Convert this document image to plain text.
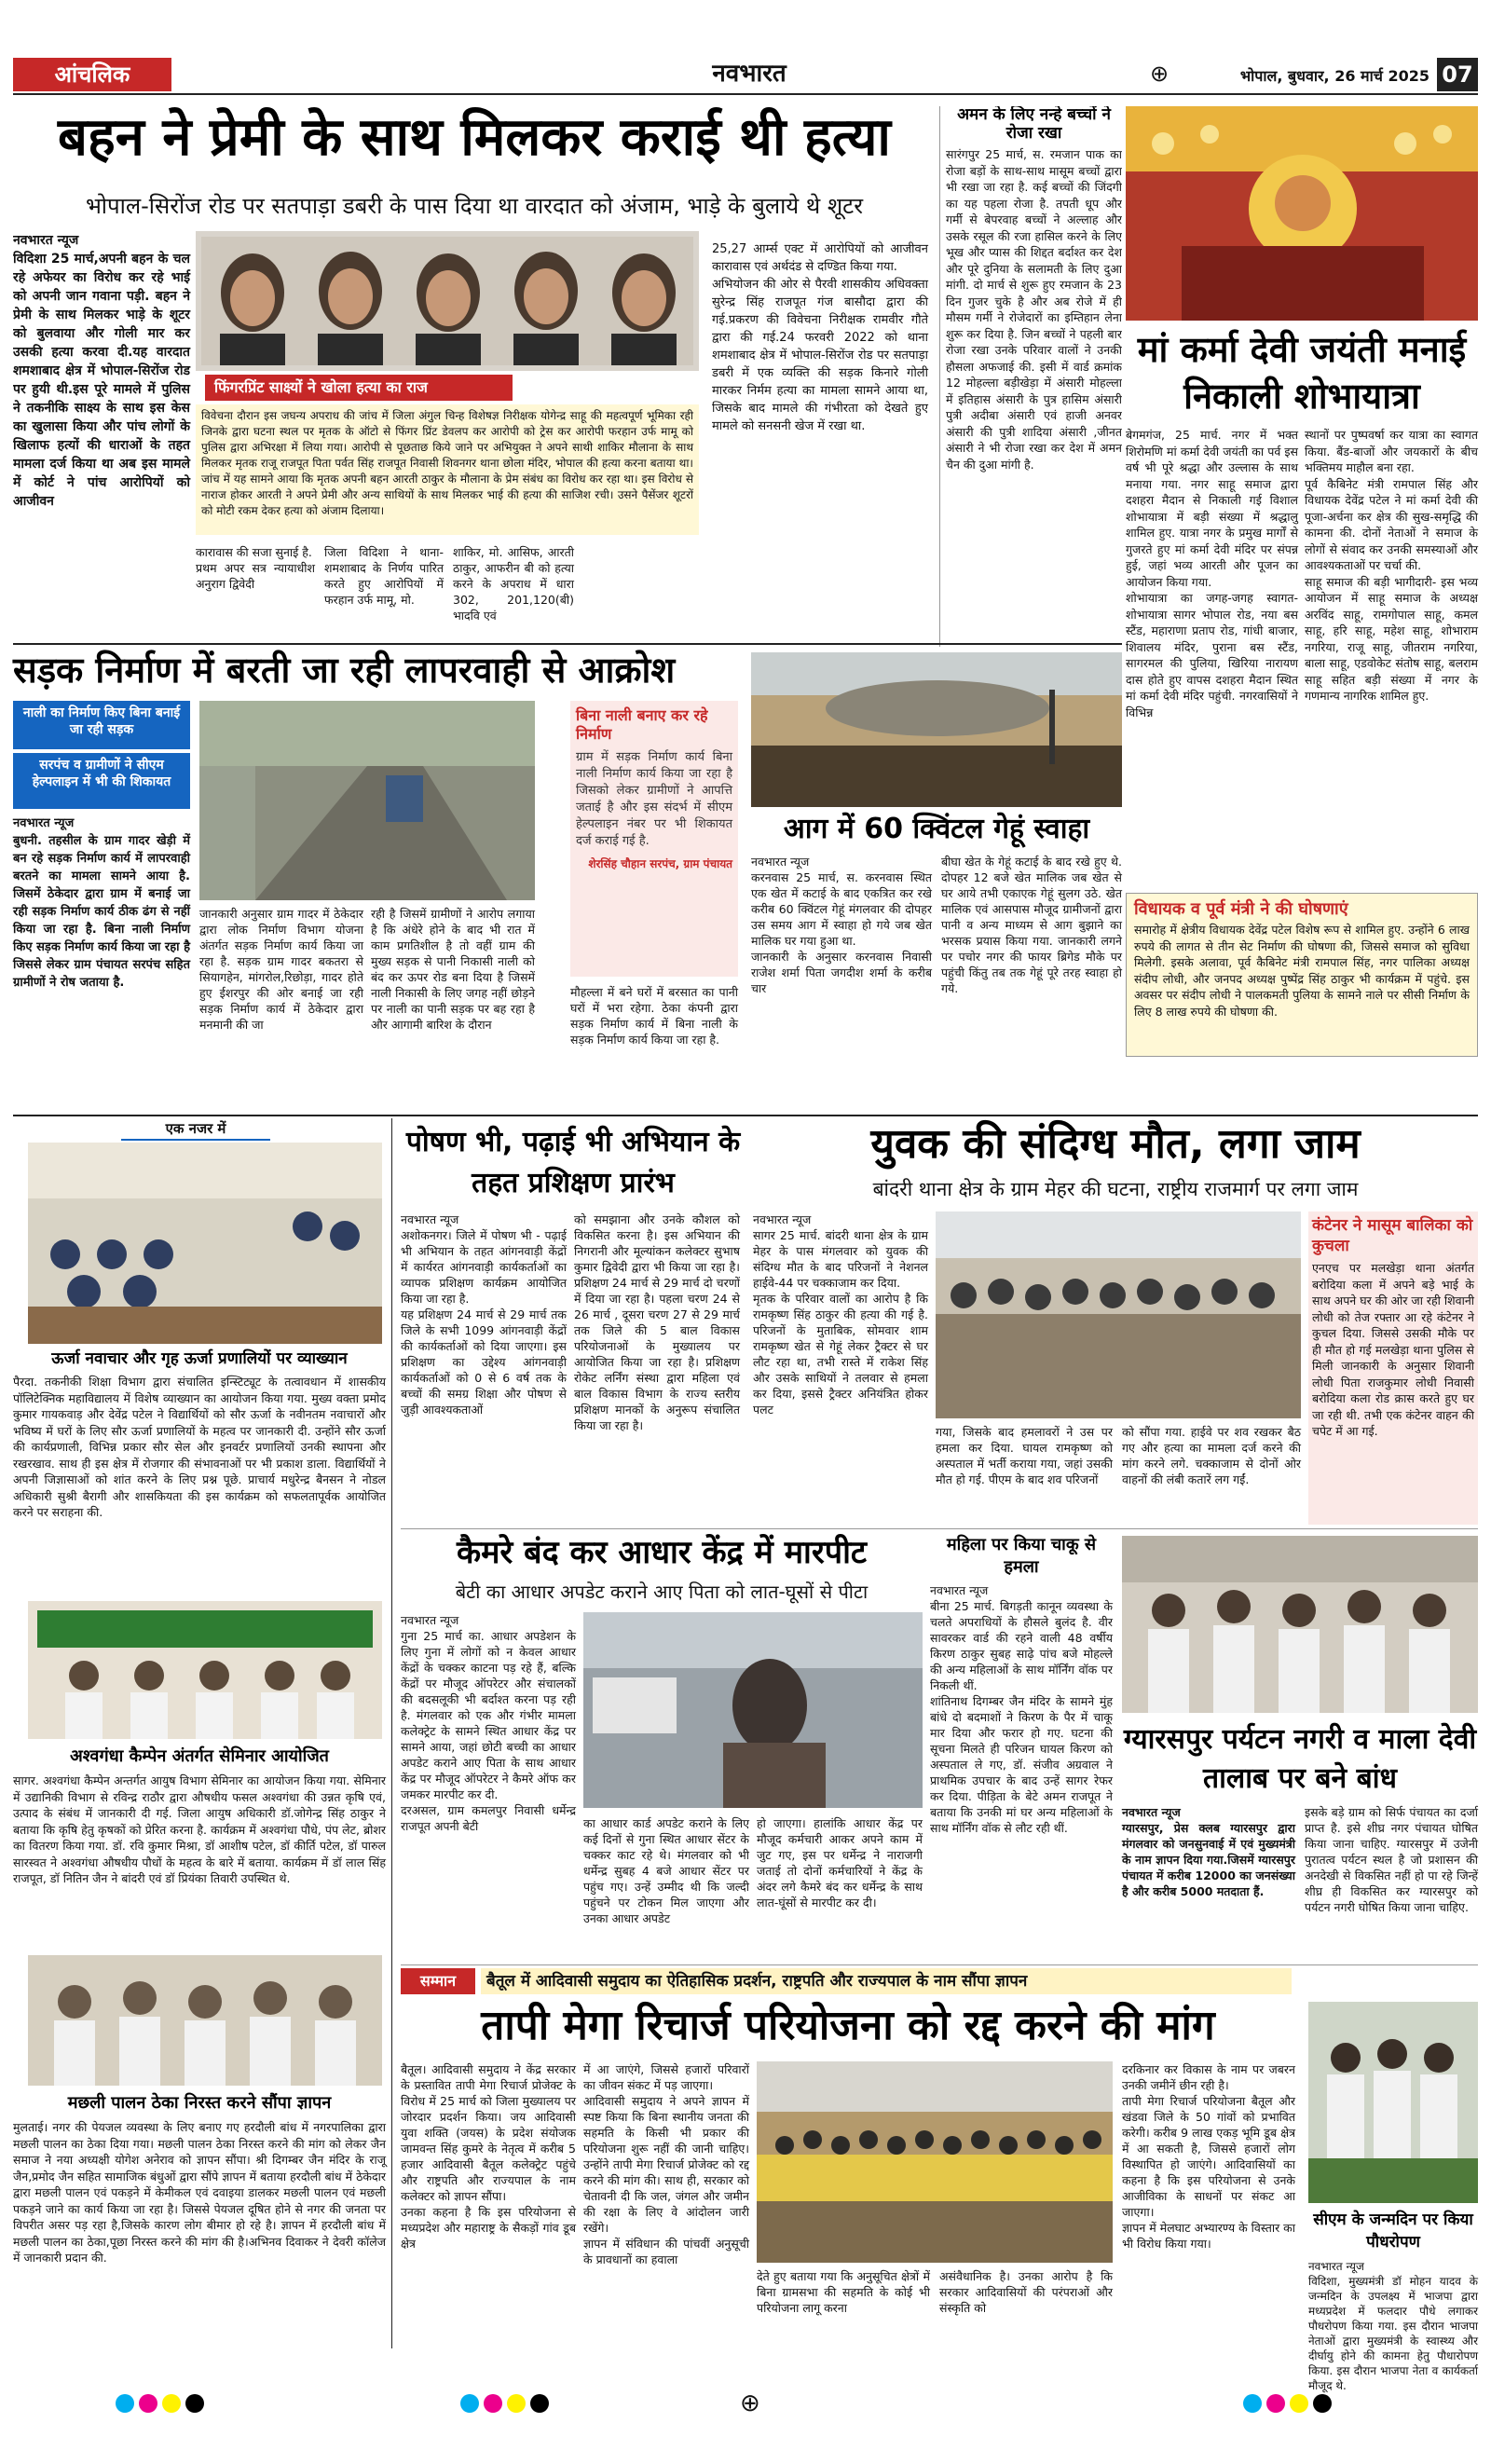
आंचलिक	नवभारत	⊕	भोपाल, बुधवार, 26 मार्च 2025 07
बहन ने प्रेमी के साथ मिलकर कराई थी हत्या
भोपाल-सिरोंज रोड पर सतपाड़ा डबरी के पास दिया था वारदात को अंजाम, भाड़े के बुलाये थे शूटर
नवभारत न्यूज
विदिशा 25 मार्च,अपनी बहन के चल रहे अफेयर का विरोध कर रहे भाई को अपनी जान गवाना पड़ी. बहन ने प्रेमी के साथ मिलकर भाड़े के शूटर को बुलवाया और गोली मार कर उसकी हत्या करवा दी.यह वारदात शमशाबाद क्षेत्र में भोपाल-सिरोंज रोड पर हुयी थी.इस पूरे मामले में पुलिस ने तकनीकि साक्ष्य के साथ इस केस का खुलासा किया और पांच लोगों के खिलाफ हत्यों की धाराओं के तहत मामला दर्ज किया था अब इस मामले में कोर्ट ने पांच आरोपियों को आजीवन
फिंगरप्रिंट साक्ष्यों ने खोला हत्या का राज
विवेचना दौरान इस जघन्य अपराध की जांच में जिला अंगुल चिन्ह विशेषज्ञ निरीक्षक योगेन्द्र साहू की महत्वपूर्ण भूमिका रही जिनके द्वारा घटना स्थल पर मृतक के ऑटो से फिंगर प्रिंट डेवलप कर आरोपी को ट्रेस कर आरोपी फरहान उर्फ मामू को पुलिस द्वारा अभिरक्षा में लिया गया। आरोपी से पूछताछ किये जाने पर अभियुक्त ने अपने साथी शाकिर मौलाना के साथ मिलकर मृतक राजू राजपूत पिता पर्वत सिंह राजपूत निवासी शिवनगर थाना छोला मंदिर, भोपाल की हत्या करना बताया था। जांच में यह सामने आया कि मृतक अपनी बहन आरती ठाकुर के मौलाना के प्रेम संबंध का विरोध कर रहा था। इस विरोध से नाराज होकर आरती ने अपने प्रेमी और अन्य साथियों के साथ मिलकर भाई की हत्या की साजिश रची। उसने पैसेंजर शूटरों को मोटी रकम देकर हत्या को अंजाम दिलाया।
कारावास की सजा सुनाई है.
प्रथम अपर सत्र न्यायाधीश अनुराग द्विवेदी
जिला विदिशा ने थाना-शमशाबाद के निर्णय पारित करते हुए आरोपियों में फरहान उर्फ मामू, मो.
शाकिर, मो. आसिफ, आरती ठाकुर, आफरीन बी को हत्या करने के अपराध में धारा 302, 201,120(बी) भादवि एवं
25,27 आर्म्स एक्ट में आरोपियों को आजीवन कारावास एवं अर्थदंड से दण्डित किया गया.
अभियोजन की ओर से पैरवी शासकीय अधिवक्ता सुरेन्द्र सिंह राजपूत गंज बासौदा द्वारा की गई.प्रकरण की विवेचना निरीक्षक रामवीर गौते द्वारा की गई.24 फरवरी 2022 को थाना शमशाबाद क्षेत्र में भोपाल-सिरोंज रोड पर सतपाड़ा डबरी में एक व्यक्ति की सड़क किनारे गोली मारकर निर्मम हत्या का मामला सामने आया था, जिसके बाद मामले की गंभीरता को देखते हुए मामले को सनसनी खेज में रखा था.
अमन के लिए नन्हे बच्चों ने रोजा रखा
सारंगपुर 25 मार्च, स. रमजान पाक का रोजा बड़ों के साथ-साथ मासूम बच्चों द्वारा भी रखा जा रहा है. कई बच्चों की जिंदगी का यह पहला रोजा है. तपती धूप और गर्मी से बेपरवाह बच्चों ने अल्लाह और उसके रसूल की रजा हासिल करने के लिए भूख और प्यास की शिद्दत बर्दाश्त कर देश और पूरे दुनिया के सलामती के लिए दुआ मांगी. दो मार्च से शुरू हुए रमजान के 23 दिन गुजर चुके है और अब रोजे में ही मौसम गर्मी ने रोजेदारों का इम्तिहान लेना शुरू कर दिया है. जिन बच्चों ने पहली बार रोजा रखा उनके परिवार वालों ने उनकी हौसला अफजाई की. इसी में वार्ड क्रमांक 12 मोहल्ला बड़ीखेड़ा में अंसारी मोहल्ला में इतिहास अंसारी के पुत्र हासिम अंसारी पुत्री अदीबा अंसारी एवं हाजी अनवर अंसारी की पुत्री शादिया अंसारी ,जीनत अंसारी ने भी रोजा रखा कर देश में अमन चैन की दुआ मांगी है.
मां कर्मा देवी जयंती मनाई निकाली शोभायात्रा
बेगमगंज, 25 मार्च. नगर में भक्त शिरोमणि मां कर्मा देवी जयंती का पर्व इस वर्ष भी पूरे श्रद्धा और उल्लास के साथ मनाया गया. नगर साहू समाज द्वारा दशहरा मैदान से निकाली गई विशाल शोभायात्रा में बड़ी संख्या में श्रद्धालु शामिल हुए. यात्रा नगर के प्रमुख मार्गों से गुजरते हुए मां कर्मा देवी मंदिर पर संपन्न हुई, जहां भव्य आरती और पूजन का आयोजन किया गया.
शोभायात्रा का जगह-जगह स्वागत- शोभायात्रा सागर भोपाल रोड, नया बस स्टैंड, महाराणा प्रताप रोड, गांधी बाजार, शिवालय मंदिर, पुराना बस स्टैंड, सागरमल की पुलिया, खिरिया नारायण दास होते हुए वापस दशहरा मैदान स्थित मां कर्मा देवी मंदिर पहुंची. नगरवासियों ने विभिन्न
स्थानों पर पुष्पवर्षा कर यात्रा का स्वागत किया. बैंड-बाजों और जयकारों के बीच भक्तिमय माहौल बना रहा.
पूर्व कैबिनेट मंत्री रामपाल सिंह और विधायक देवेंद्र पटेल ने मां कर्मा देवी की पूजा-अर्चना कर क्षेत्र की सुख-समृद्धि की कामना की. दोनों नेताओं ने समाज के लोगों से संवाद कर उनकी समस्याओं और आवश्यकताओं पर चर्चा की.
साहू समाज की बड़ी भागीदारी- इस भव्य आयोजन में साहू समाज के अध्यक्ष अरविंद साहू, रामगोपाल साहू, कमल साहू, हरि साहू, महेश साहू, शोभाराम नगरिया, राजू साहू, जीतराम नगरिया, बाला साहू, एडवोकेट संतोष साहू, बलराम साहू सहित बड़ी संख्या में नगर के गणमान्य नागरिक शामिल हुए.
विधायक व पूर्व मंत्री ने की घोषणाएं
समारोह में क्षेत्रीय विधायक देवेंद्र पटेल विशेष रूप से शामिल हुए. उन्होंने 6 लाख रुपये की लागत से तीन सेट निर्माण की घोषणा की, जिससे समाज को सुविधा मिलेगी. इसके अलावा, पूर्व कैबिनेट मंत्री रामपाल सिंह, नगर पालिका अध्यक्ष संदीप लोधी, और जनपद अध्यक्ष पुष्पेंद्र सिंह ठाकुर भी कार्यक्रम में पहुंचे. इस अवसर पर संदीप लोधी ने पालकमती पुलिया के सामने नाले पर सीसी निर्माण के लिए 8 लाख रुपये की घोषणा की.
सड़क निर्माण में बरती जा रही लापरवाही से आक्रोश
नाली का निर्माण किए बिना बनाई जा रही सड़क
सरपंच व ग्रामीणों ने सीएम हेल्पलाइन में भी की शिकायत
नवभारत न्यूज
बुधनी. तहसील के ग्राम गादर खेड़ी में बन रहे सड़क निर्माण कार्य में लापरवाही बरतने का मामला सामने आया है. जिसमें ठेकेदार द्वारा ग्राम में बनाई जा रही सड़क निर्माण कार्य ठीक ढंग से नहीं किया जा रहा है. बिना नाली निर्माण किए सड़क निर्माण कार्य किया जा रहा है जिससे लेकर ग्राम पंचायत सरपंच सहित ग्रामीणों ने रोष जताया है.
जानकारी अनुसार ग्राम गादर में ठेकेदार द्वारा लोक निर्माण विभाग योजना अंतर्गत सड़क निर्माण कार्य किया जा रहा है. सड़क ग्राम गादर बकतरा से सियागहेन, मांगरोल,रिछोड़ा, गादर होते हुए ईशरपुर की ओर बनाई जा रही सड़क निर्माण कार्य में ठेकेदार द्वारा मनमानी की जा
रही है जिसमें ग्रामीणों ने आरोप लगाया है कि अंधेरे होने के बाद भी रात में काम प्रगतिशील है तो वहीं ग्राम की मुख्य सड़क से पानी निकासी नाली को बंद कर ऊपर रोड बना दिया है जिसमें नाली निकासी के लिए जगह नहीं छोड़ने पर नाली का पानी सड़क पर बह रहा है और आगामी बारिश के दौरान
बिना नाली बनाए कर रहे निर्माण
ग्राम में सड़क निर्माण कार्य बिना नाली निर्माण कार्य किया जा रहा है जिसको लेकर ग्रामीणों ने आपत्ति जताई है और इस संदर्भ में सीएम हेल्पलाइन नंबर पर भी शिकायत दर्ज कराई गई है.
शेरसिंह चौहान सरपंच, ग्राम पंचायत
मौहल्ला में बने घरों में बरसात का पानी घरों में भरा रहेगा. ठेका कंपनी द्वारा सड़क निर्माण कार्य में बिना नाली के सड़क निर्माण कार्य किया जा रहा है.
आग में 60 क्विंटल गेहूं स्वाहा
नवभारत न्यूज
करनवास 25 मार्च, स. करनवास स्थित एक खेत में कटाई के बाद एकत्रित कर रखे करीब 60 क्विंटल गेहूं मंगलवार की दोपहर उस समय आग में स्वाहा हो गये जब खेत मालिक घर गया हुआ था.
जानकारी के अनुसार करनवास निवासी राजेश शर्मा पिता जगदीश शर्मा के करीब चार
बीघा खेत के गेहूं कटाई के बाद रखे हुए थे. दोपहर 12 बजे खेत मालिक जब खेत से घर आये तभी एकाएक गेहूं सुलग उठे. खेत मालिक एवं आसपास मौजूद ग्रामीजनों द्वारा पानी व अन्य माध्यम से आग बुझाने का भरसक प्रयास किया गया. जानकारी लगने पर पचोर नगर की फायर ब्रिगेड मौके पर पहुंची किंतु तब तक गेहूं पूरे तरह स्वाहा हो गये.
एक नजर में
ऊर्जा नवाचार और गृह ऊर्जा प्रणालियों पर व्याख्यान
पैरदा. तकनीकी शिक्षा विभाग द्वारा संचालित इन्स्टिट्यूट के तत्वावधान में शासकीय पॉलिटेक्निक महाविद्यालय में विशेष व्याख्यान का आयोजन किया गया. मुख्य वक्ता प्रमोद कुमार गायकवाड़ और देवेंद्र पटेल ने विद्यार्थियों को सौर ऊर्जा के नवीनतम नवाचारों और भविष्य में घरों के लिए सौर ऊर्जा प्रणालियों के महत्व पर जानकारी दी. उन्होंने सौर ऊर्जा की कार्यप्रणाली, विभिन्न प्रकार सौर सेल और इनवर्टर प्रणालियों उनकी स्थापना और रखरखाव. साथ ही इस क्षेत्र में रोजगार की संभावनाओं पर भी प्रकाश डाला. विद्यार्थियों ने अपनी जिज्ञासाओं को शांत करने के लिए प्रश्न पूछे. प्राचार्य मधुरेन्द्र बैनसन ने नोडल अधिकारी सुश्री बैरागी और शासकियता की इस कार्यक्रम को सफलतापूर्वक आयोजित करने पर सराहना की.
अश्वगंधा कैम्पेन अंतर्गत सेमिनार आयोजित
सागर. अश्वगंधा कैम्पेन अन्तर्गत आयुष विभाग सेमिनार का आयोजन किया गया. सेमिनार में उद्यानिकी विभाग से रविन्द्र राठौर द्वारा औषधीय फसल अश्वगंधा की उन्नत कृषि एवं, उत्पाद के संबंध में जानकारी दी गई. जिला आयुष अधिकारी डॉ.जोगेन्द्र सिंह ठाकुर ने बताया कि कृषि हेतु कृषकों को प्रेरित करना है. कार्यक्रम में अश्वगंधा पौधे, पंप लेट, ब्रोशर का वितरण किया गया. डॉ. रवि कुमार मिश्रा, डॉ आशीष पटेल, डॉ कीर्ति पटेल, डॉ पारुल सारस्वत ने अश्वगंधा औषधीय पौधों के महत्व के बारे में बताया. कार्यक्रम में डॉ लाल सिंह राजपूत, डॉ नितिन जैन ने बांदरी एवं डॉ प्रियंका तिवारी उपस्थित थे.
मछली पालन ठेका निरस्त करने सौंपा ज्ञापन
मुलताई। नगर की पेयजल व्यवस्था के लिए बनाए गए हरदौली बांध में नगरपालिका द्वारा मछली पालन का ठेका दिया गया। मछली पालन ठेका निरस्त करने की मांग को लेकर जैन समाज ने नया अध्यक्षी योगेश अनेराव को ज्ञापन सौंपा। श्री दिगम्बर जैन मंदिर के राजू जैन,प्रमोद जैन सहित सामाजिक बंधुओं द्वारा सौंपे ज्ञापन में बताया हरदौली बांध में ठेकेदार द्वारा मछली पालन एवं पकड़ने में केमीकल एवं दवाइया डालकर मछली पालन एवं मछली पकड़ने जाने का कार्य किया जा रहा है। जिससे पेयजल दूषित होने से नगर की जनता पर विपरीत असर पड़ रहा है,जिसके कारण लोग बीमार हो रहे है। ज्ञापन में हरदौली बांध में मछली पालन का ठेका,पूछा निरस्त करने की मांग की है।अभिनव दिवाकर ने देवरी कॉलेज में जानकारी प्रदान की.
पोषण भी, पढ़ाई भी अभियान के तहत प्रशिक्षण प्रारंभ
नवभारत न्यूज
अशोकनगर। जिले में पोषण भी - पढ़ाई भी अभियान के तहत आंगनवाड़ी केंद्रों में कार्यरत आंगनवाड़ी कार्यकर्ताओं का व्यापक प्रशिक्षण कार्यक्रम आयोजित किया जा रहा है.
यह प्रशिक्षण 24 मार्च से 29 मार्च तक जिले के सभी 1099 आंगनवाड़ी केंद्रों की कार्यकर्ताओं को दिया जाएगा। इस प्रशिक्षण का उद्देश्य आंगनवाड़ी कार्यकर्ताओं को 0 से 6 वर्ष तक के बच्चों की समग्र शिक्षा और पोषण से जुड़ी आवश्यकताओं
को समझाना और उनके कौशल को विकसित करना है। इस अभियान की निगरानी और मूल्यांकन कलेक्टर सुभाष कुमार द्विवेदी द्वारा भी किया जा रहा है। प्रशिक्षण 24 मार्च से 29 मार्च दो चरणों में दिया जा रहा है। पहला चरण 24 से 26 मार्च , दूसरा चरण 27 से 29 मार्च तक जिले की 5 बाल विकास परियोजनाओं के मुख्यालय पर आयोजित किया जा रहा है। प्रशिक्षण रोकेट लर्निंग संस्था द्वारा महिला एवं बाल विकास विभाग के राज्य स्तरीय प्रशिक्षण मानकों के अनुरूप संचालित किया जा रहा है।
युवक की संदिग्ध मौत, लगा जाम
बांदरी थाना क्षेत्र के ग्राम मेहर की घटना, राष्ट्रीय राजमार्ग पर लगा जाम
नवभारत न्यूज
सागर 25 मार्च. बांदरी थाना क्षेत्र के ग्राम मेहर के पास मंगलवार को युवक की संदिग्ध मौत के बाद परिजनों ने नेशनल हाईवे-44 पर चक्काजाम कर दिया.
मृतक के परिवार वालों का आरोप है कि रामकृष्ण सिंह ठाकुर की हत्या की गई है. परिजनों के मुताबिक, सोमवार शाम रामकृष्ण खेत से गेहूं लेकर ट्रैक्टर से घर लौट रहा था, तभी रास्ते में राकेश सिंह और उसके साथियों ने तलवार से हमला कर दिया, इससे ट्रैक्टर अनियंत्रित होकर पलट
गया, जिसके बाद हमलावरों ने उस पर हमला कर दिया. घायल रामकृष्ण को अस्पताल में भर्ती कराया गया, जहां उसकी मौत हो गई. पीएम के बाद शव परिजनों
को सौंपा गया. हाईवे पर शव रखकर बैठ गए और हत्या का मामला दर्ज करने की मांग करने लगे. चक्काजाम से दोनों ओर वाहनों की लंबी कतारें लग गईं.
कंटेनर ने मासूम बालिका को कुचला
एनएच पर मलखेड़ा थाना अंतर्गत बरोदिया कला में अपने बड़े भाई के साथ अपने घर की ओर जा रही शिवानी लोधी को तेज रफ्तार आ रहे कंटेनर ने कुचल दिया. जिससे उसकी मौके पर ही मौत हो गई मलखेड़ा थाना पुलिस से मिली जानकारी के अनुसार शिवानी लोधी पिता राजकुमार लोधी निवासी बरोदिया कला रोड क्रास करते हुए घर जा रही थी. तभी एक कंटेनर वाहन की चपेट में आ गई.
कैमरे बंद कर आधार केंद्र में मारपीट
बेटी का आधार अपडेट कराने आए पिता को लात-घूसों से पीटा
नवभारत न्यूज
गुना 25 मार्च का. आधार अपडेशन के लिए गुना में लोगों को न केवल आधार केंद्रों के चक्कर काटना पड़ रहे हैं, बल्कि केंद्रों पर मौजूद ऑपरेटर और संचालकों की बदसलूकी भी बर्दाश्त करना पड़ रही है. मंगलवार को एक और गंभीर मामला कलेक्ट्रेट के सामने स्थित आधार केंद्र पर सामने आया, जहां छोटी बच्ची का आधार अपडेट कराने आए पिता के साथ आधार केंद्र पर मौजूद ऑपरेटर ने कैमरे ऑफ कर जमकर मारपीट कर दी.
दरअसल, ग्राम कमलपुर निवासी धर्मेन्द्र राजपूत अपनी बेटी	का आधार कार्ड अपडेट कराने के लिए कई दिनों से गुना स्थित आधार सेंटर के चक्कर काट रहे थे। मंगलवार को भी धर्मेन्द्र सुबह 4 बजे आधार सेंटर पर पहुंच गए। उन्हें उम्मीद थी कि जल्दी पहुंचने पर टोकन मिल जाएगा और उनका आधार अपडेट
हो जाएगा। हालांकि आधार केंद्र पर मौजूद कर्मचारी आकर अपने काम में जुट गए, इस पर धर्मेन्द्र ने नाराजगी जताई तो दोनों कर्मचारियों ने केंद्र के अंदर लगे कैमरे बंद कर धर्मेन्द्र के साथ लात-घूंसों से मारपीट कर दी।
महिला पर किया चाकू से हमला
नवभारत न्यूज
बीना 25 मार्च. बिगड़ती कानून व्यवस्था के चलते अपराधियों के हौसले बुलंद है. वीर सावरकर वार्ड की रहने वाली 48 वर्षीय किरण ठाकुर सुबह साढ़े पांच बजे मोहल्ले की अन्य महिलाओं के साथ मॉर्निंग वॉक पर निकली थीं.
शांतिनाथ दिगम्बर जैन मंदिर के सामने मुंह बांधे दो बदमाशों ने किरण के पैर में चाकू मार दिया और फरार हो गए. घटना की सूचना मिलते ही परिजन घायल किरण को अस्पताल ले गए, डॉ. संजीव अग्रवाल ने प्राथमिक उपचार के बाद उन्हें सागर रेफर कर दिया. पीड़िता के बेटे अमन राजपूत ने बताया कि उनकी मां घर अन्य महिलाओं के साथ मॉर्निंग वॉक से लौट रही थीं.
ग्यारसपुर पर्यटन नगरी व माला देवी तालाब पर बने बांध
नवभारत न्यूज
ग्यारसपुर, प्रेस क्लब ग्यारसपुर द्वारा मंगलवार को जनसुनवाई में एवं मुख्यमंत्री के नाम ज्ञापन दिया गया.जिसमें ग्यारसपुर पंचायत में करीब 12000 का जनसंख्या है और करीब 5000 मतदाता हैं.
इसके बड़े ग्राम को सिर्फ पंचायत का दर्जा प्राप्त है. इसे शीघ्र नगर पंचायत घोषित किया जाना चाहिए. ग्यारसपुर में उजेनी पुरातत्व पर्यटन स्थल है जो प्रशासन की अनदेखी से विकसित नहीं हो पा रहे जिन्हें शीघ्र ही विकसित कर ग्यारसपुर को पर्यटन नगरी घोषित किया जाना चाहिए.
सम्मान	बैतूल में आदिवासी समुदाय का ऐतिहासिक प्रदर्शन, राष्ट्रपति और राज्यपाल के नाम सौंपा ज्ञापन
तापी मेगा रिचार्ज परियोजना को रद्द करने की मांग
बैतूल। आदिवासी समुदाय ने केंद्र सरकार के प्रस्तावित तापी मेगा रिचार्ज प्रोजेक्ट के विरोध में 25 मार्च को जिला मुख्यालय पर जोरदार प्रदर्शन किया। जय आदिवासी युवा शक्ति (जयस) के प्रदेश संयोजक जामवन्त सिंह कुमरे के नेतृत्व में करीब 5 हजार आदिवासी बैतूल कलेक्ट्रेट पहुंचे और राष्ट्रपति और राज्यपाल के नाम कलेक्टर को ज्ञापन सौंपा।
उनका कहना है कि इस परियोजना से मध्यप्रदेश और महाराष्ट्र के सैकड़ों गांव डूब क्षेत्र
में आ जाएंगे, जिससे हजारों परिवारों का जीवन संकट में पड़ जाएगा।
आदिवासी समुदाय ने अपने ज्ञापन में स्पष्ट किया कि बिना स्थानीय जनता की सहमति के किसी भी प्रकार की परियोजना शुरू नहीं की जानी चाहिए। उन्होंने तापी मेगा रिचार्ज प्रोजेक्ट को रद्द करने की मांग की। साथ ही, सरकार को चेतावनी दी कि जल, जंगल और जमीन की रक्षा के लिए वे आंदोलन जारी रखेंगे।
ज्ञापन में संविधान की पांचवीं अनुसूची के प्रावधानों का हवाला
देते हुए बताया गया कि अनुसूचित क्षेत्रों में बिना ग्रामसभा की सहमति के कोई भी परियोजना लागू करना
असंवैधानिक है। उनका आरोप है कि सरकार आदिवासियों की परंपराओं और संस्कृति को
दरकिनार कर विकास के नाम पर जबरन उनकी जमीनें छीन रही है।
तापी मेगा रिचार्ज परियोजना बैतूल और खंडवा जिले के 50 गांवों को प्रभावित करेगी। करीब 9 लाख एकड़ भूमि डूब क्षेत्र में आ सकती है, जिससे हजारों लोग विस्थापित हो जाएंगे। आदिवासियों का कहना है कि इस परियोजना से उनके आजीविका के साधनों पर संकट आ जाएगा।
ज्ञापन में मेलघाट अभ्यारण्य के विस्तार का भी विरोध किया गया।
सीएम के जन्मदिन पर किया पौधरोपण
नवभारत न्यूज
विदिशा, मुख्यमंत्री डॉ मोहन यादव के जन्मदिन के उपलक्ष्य में भाजपा द्वारा मध्यप्रदेश में फलदार पौधे लगाकर पौधरोपण किया गया. इस दौरान भाजपा नेताओं द्वारा मुख्यमंत्री के स्वास्थ्य और दीर्घायु होने की कामना हेतु पौधारोपण किया. इस दौरान भाजपा नेता व कार्यकर्ता मौजूद थे.
⊕
